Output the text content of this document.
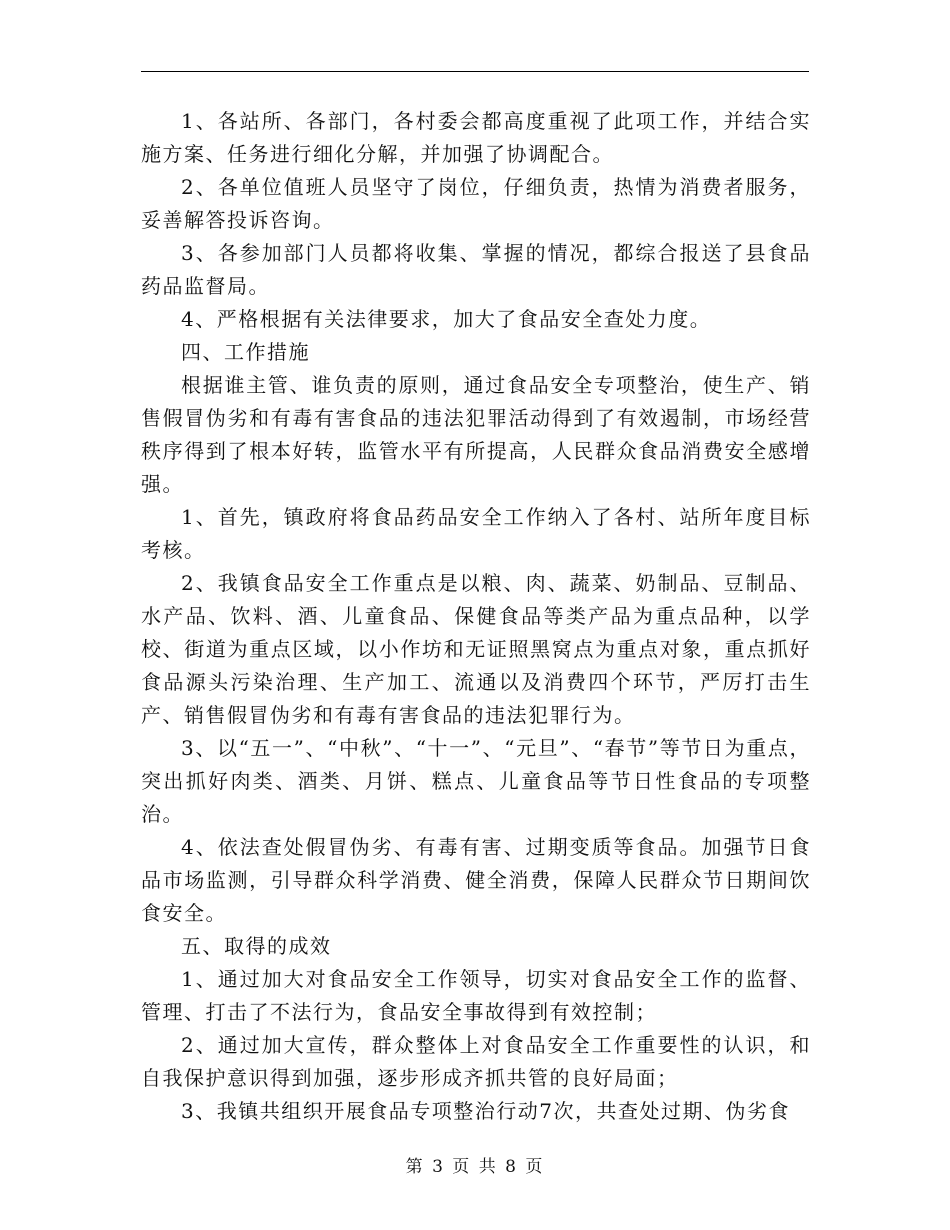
1、各站所、各部门，各村委会都高度重视了此项工作，并结合实施方案、任务进行细化分解，并加强了协调配合。

2、各单位值班人员坚守了岗位，仔细负责，热情为消费者服务，妥善解答投诉咨询。

3、各参加部门人员都将收集、掌握的情况，都综合报送了县食品药品监督局。

4、严格根据有关法律要求，加大了食品安全查处力度。

四、工作措施

根据谁主管、谁负责的原则，通过食品安全专项整治，使生产、销售假冒伪劣和有毒有害食品的违法犯罪活动得到了有效遏制，市场经营秩序得到了根本好转，监管水平有所提高，人民群众食品消费安全感增强。

1、首先，镇政府将食品药品安全工作纳入了各村、站所年度目标考核。

2、我镇食品安全工作重点是以粮、肉、蔬菜、奶制品、豆制品、水产品、饮料、酒、儿童食品、保健食品等类产品为重点品种，以学校、街道为重点区域，以小作坊和无证照黑窝点为重点对象，重点抓好食品源头污染治理、生产加工、流通以及消费四个环节，严厉打击生产、销售假冒伪劣和有毒有害食品的违法犯罪行为。

3、以“五一”、“中秋”、“十一”、“元旦”、“春节”等节日为重点，突出抓好肉类、酒类、月饼、糕点、儿童食品等节日性食品的专项整治。

4、依法查处假冒伪劣、有毒有害、过期变质等食品。加强节日食品市场监测，引导群众科学消费、健全消费，保障人民群众节日期间饮食安全。

五、取得的成效

1、通过加大对食品安全工作领导，切实对食品安全工作的监督、管理、打击了不法行为，食品安全事故得到有效控制；

2、通过加大宣传，群众整体上对食品安全工作重要性的认识，和自我保护意识得到加强，逐步形成齐抓共管的良好局面；

3、我镇共组织开展食品专项整治行动7次，共查处过期、伪劣食

第 3 页 共 8 页
